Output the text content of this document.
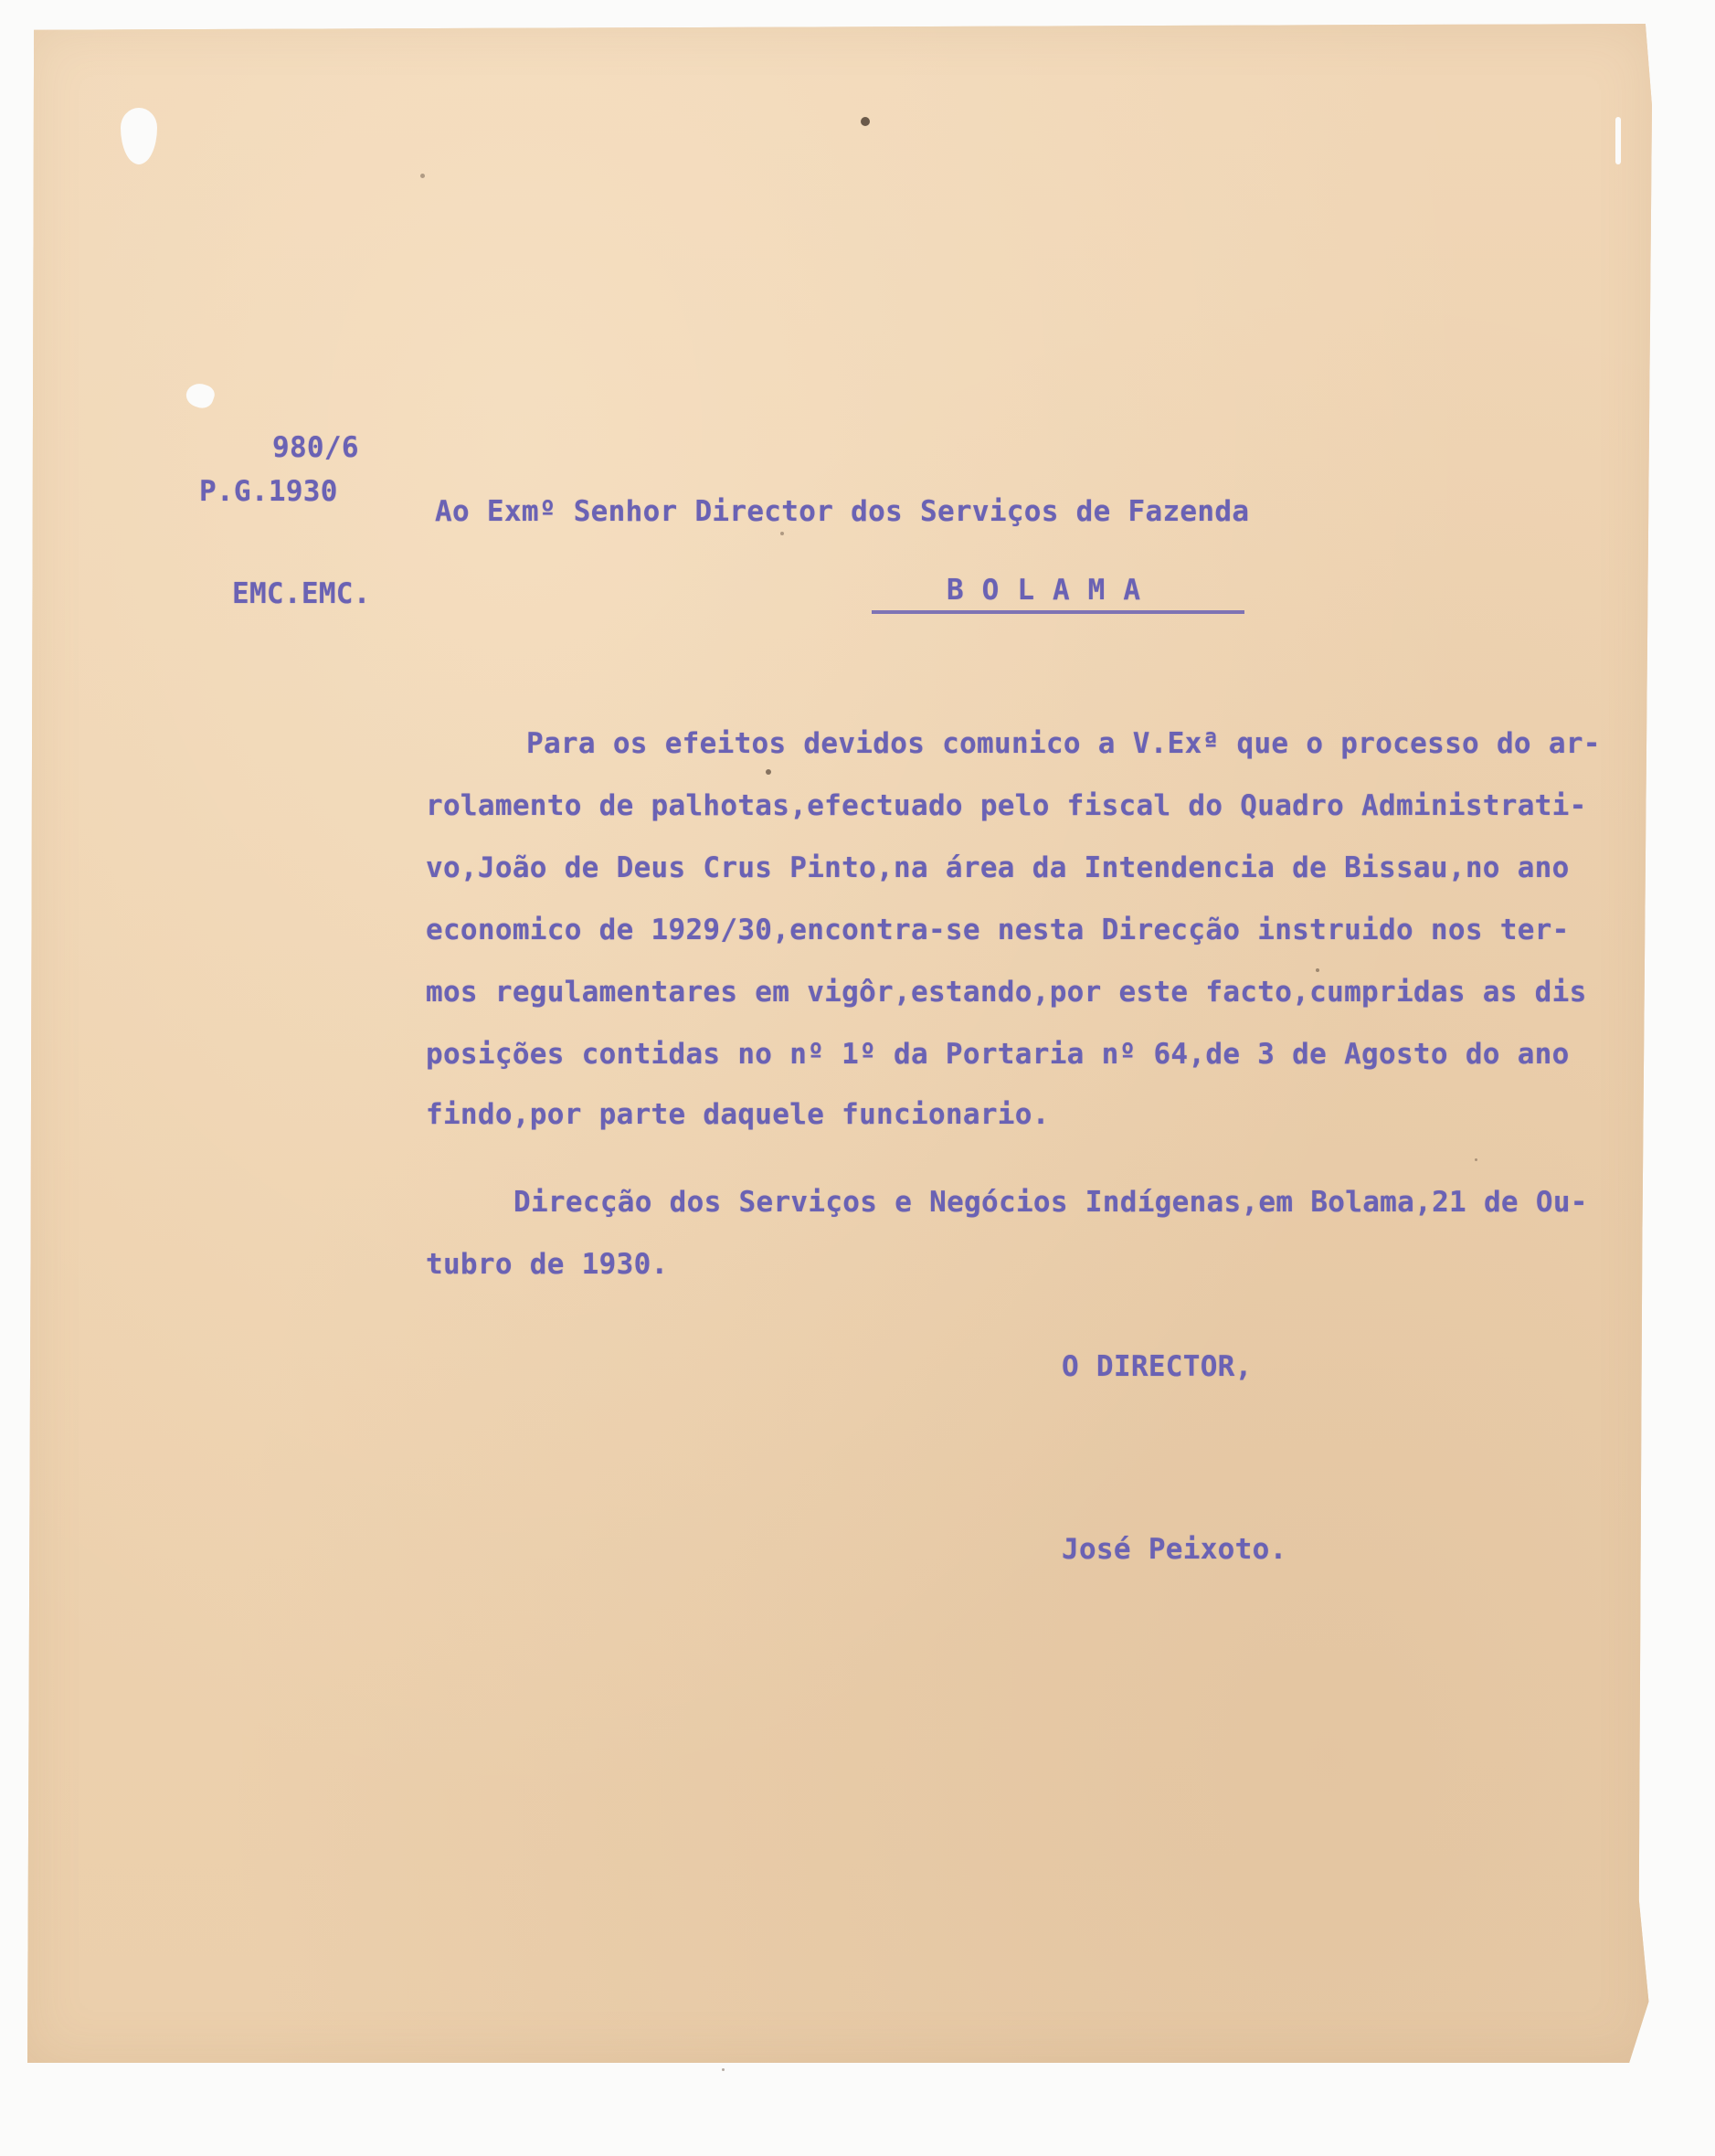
980/6
P.G.1930
EMC.EMC.
Ao Exmº Senhor Director dos Serviços de Fazenda
BOLAMA
Para os efeitos devidos comunico a V.Exª que o processo do ar-
rolamento de palhotas,efectuado pelo fiscal do Quadro Administrati-
vo,João de Deus Crus Pinto,na área da Intendencia de Bissau,no ano
economico de 1929/30,encontra-se nesta Direcção instruido nos ter-
mos regulamentares em vigôr,estando,por este facto,cumpridas as dis
posições contidas no nº 1º da Portaria nº 64,de 3 de Agosto do ano
findo,por parte daquele funcionario.
Direcção dos Serviços e Negócios Indígenas,em Bolama,21 de Ou-
tubro de 1930.
O DIRECTOR,
José Peixoto.
